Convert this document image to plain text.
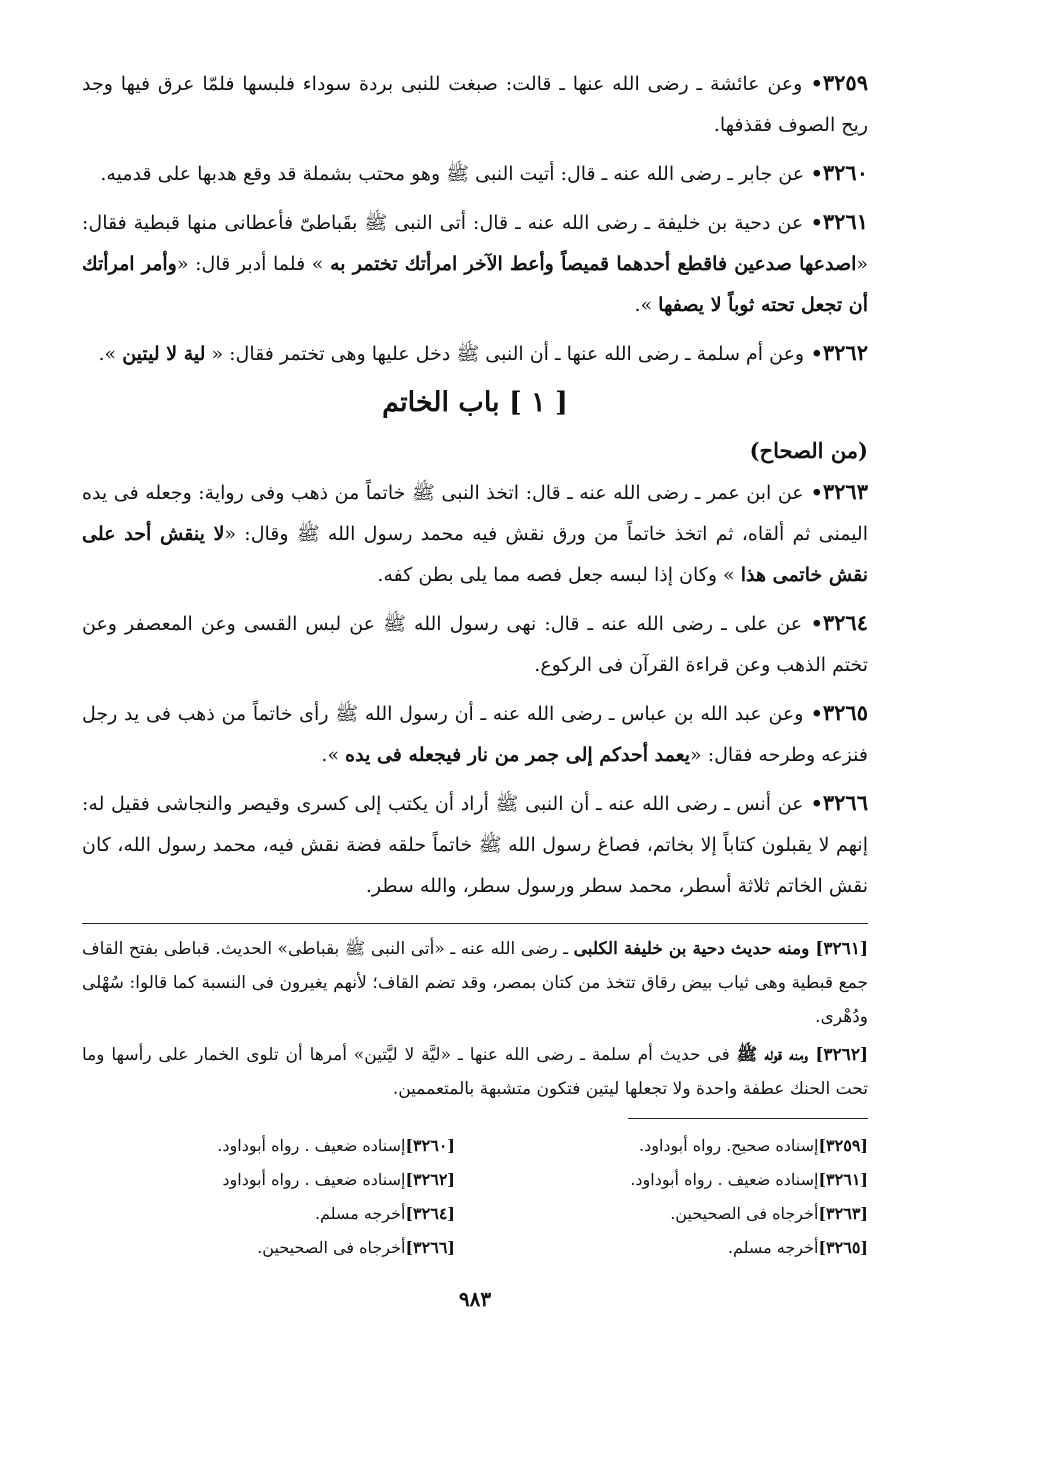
٣٢٥٩• وعن عائشة ـ رضى الله عنها ـ قالت: صبغت للنبى بردة سوداء فلبسها فلمّا عرق فيها وجد ريح الصوف فقذفها.

٣٢٦٠• عن جابر ـ رضى الله عنه ـ قال: أتيت النبى ﷺ وهو محتب بشملة قد وقع هدبها على قدميه.

٣٢٦١• عن دحية بن خليفة ـ رضى الله عنه ـ قال: أتى النبى ﷺ بقَباطىّ فأعطانى منها قبطية فقال: «اصدعها صدعين فاقطع أحدهما قميصاً وأعط الآخر امرأتك تختمر به » فلما أدبر قال: «وأمر امرأتك أن تجعل تحته ثوباً لا يصفها ».

٣٢٦٢• وعن أم سلمة ـ رضى الله عنها ـ أن النبى ﷺ دخل عليها وهى تختمر فقال: « لية لا ليتين ».

[ ١ ] باب الخاتم
(من الصحاح)

٣٢٦٣• عن ابن عمر ـ رضى الله عنه ـ قال: اتخذ النبى ﷺ خاتماً من ذهب وفى رواية: وجعله فى يده اليمنى ثم ألقاه، ثم اتخذ خاتماً من ورق نقش فيه محمد رسول الله ﷺ وقال: «لا ينقش أحد على نقش خاتمى هذا » وكان إذا لبسه جعل فصه مما يلى بطن كفه.

٣٢٦٤• عن على ـ رضى الله عنه ـ قال: نهى رسول الله ﷺ عن لبس القسى وعن المعصفر وعن تختم الذهب وعن قراءة القرآن فى الركوع.

٣٢٦٥• وعن عبد الله بن عباس ـ رضى الله عنه ـ أن رسول الله ﷺ رأى خاتماً من ذهب فى يد رجل فنزعه وطرحه فقال: «يعمد أحدكم إلى جمر من نار فيجعله فى يده ».

٣٢٦٦• عن أنس ـ رضى الله عنه ـ أن النبى ﷺ أراد أن يكتب إلى كسرى وقيصر والنجاشى فقيل له: إنهم لا يقبلون كتاباً إلا بخاتم، فصاغ رسول الله ﷺ خاتماً حلقه فضة نقش فيه، محمد رسول الله، كان نقش الخاتم ثلاثة أسطر، محمد سطر ورسول سطر، والله سطر.

[٣٢٦١] ومنه حديث دحية بن خليفة الكلبى ـ رضى الله عنه ـ «أتى النبى ﷺ بقباطى» الحديث. قباطى بفتح القاف جمع قبطية وهى ثياب بيض رقاق تتخذ من كتان بمصر، وقد تضم القاف؛ لأنهم يغيرون فى النسبة كما قالوا: سُهْلى ودُهْرى.

[٣٢٦٢] ومنه قوله ﷺ فى حديث أم سلمة ـ رضى الله عنها ـ «ليَّة لا ليَّتين» أمرها أن تلوى الخمار على رأسها وما تحت الحنك عطفة واحدة ولا تجعلها ليتين فتكون متشبهة بالمتعممين.

[٣٢٥٩]إسناده صحيح. رواه أبوداود.
[٣٢٦٠]إسناده ضعيف . رواه أبوداود.
[٣٢٦١]إسناده ضعيف . رواه أبوداود.
[٣٢٦٢]إسناده ضعيف . رواه أبوداود
[٣٢٦٣]أخرجاه فى الصحيحين.
[٣٢٦٤]أخرجه مسلم.
[٣٢٦٥]أخرجه مسلم.
[٣٢٦٦]أخرجاه فى الصحيحين.
٩٨٣
